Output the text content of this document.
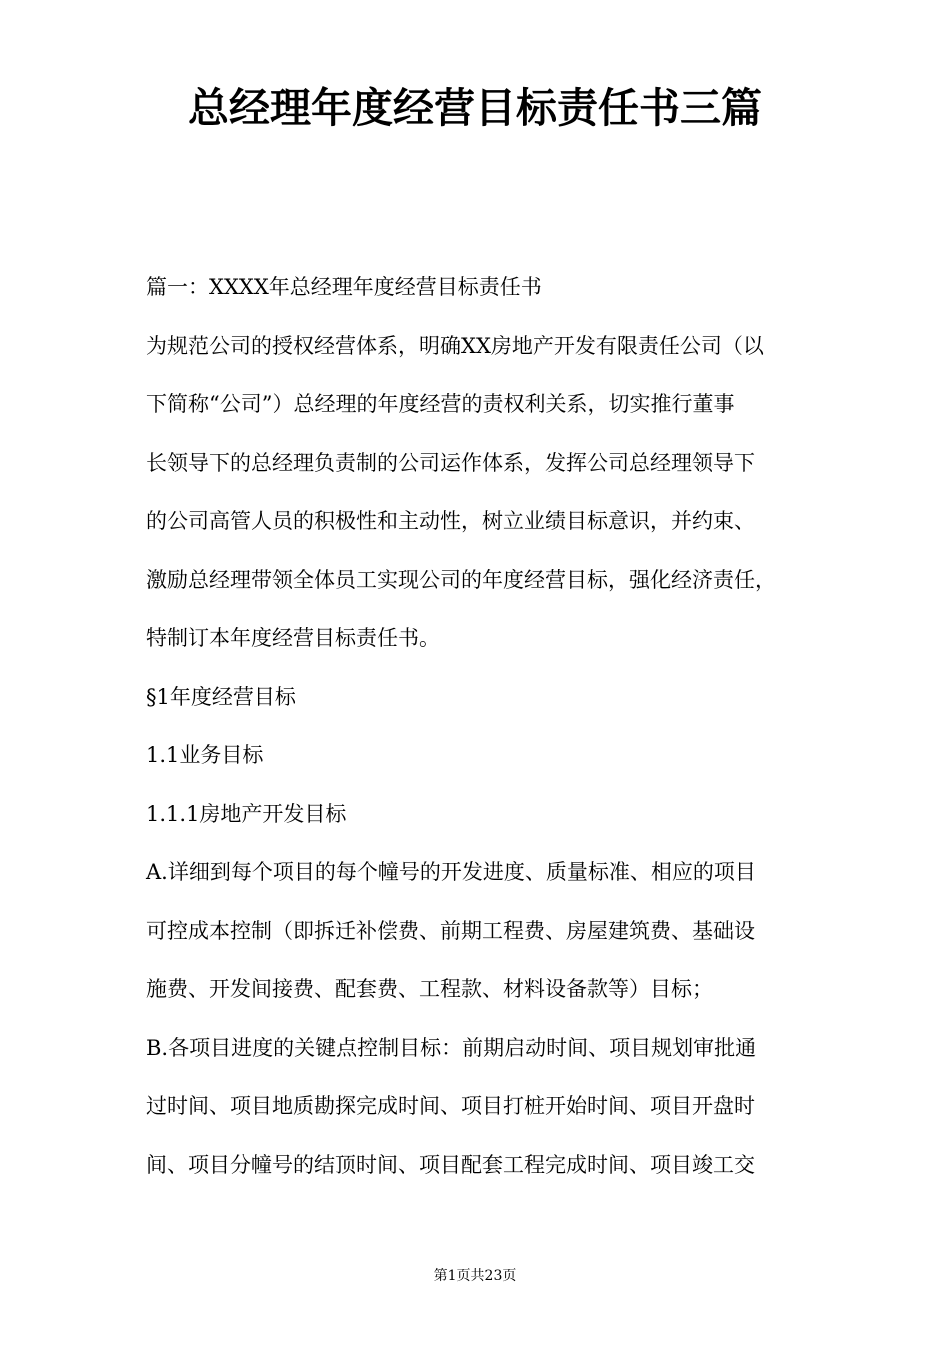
总经理年度经营目标责任书三篇
篇一：XXXX年总经理年度经营目标责任书
为规范公司的授权经营体系，明确XX房地产开发有限责任公司（以
下简称“公司”）总经理的年度经营的责权利关系，切实推行董事
长领导下的总经理负责制的公司运作体系，发挥公司总经理领导下
的公司高管人员的积极性和主动性，树立业绩目标意识，并约束、
激励总经理带领全体员工实现公司的年度经营目标，强化经济责任，
特制订本年度经营目标责任书。
§1年度经营目标
1.1业务目标
1.1.1房地产开发目标
A.详细到每个项目的每个幢号的开发进度、质量标准、相应的项目
可控成本控制（即拆迁补偿费、前期工程费、房屋建筑费、基础设
施费、开发间接费、配套费、工程款、材料设备款等）目标；
B.各项目进度的关键点控制目标：前期启动时间、项目规划审批通
过时间、项目地质勘探完成时间、项目打桩开始时间、项目开盘时
间、项目分幢号的结顶时间、项目配套工程完成时间、项目竣工交
第1页共23页
